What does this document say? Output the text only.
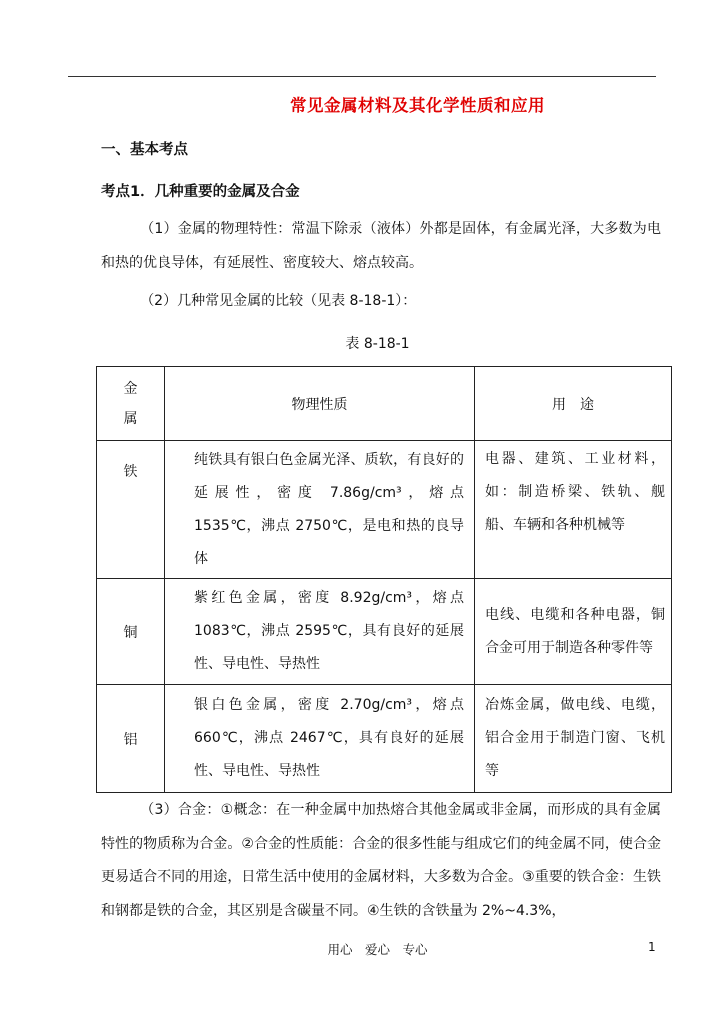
常见金属材料及其化学性质和应用
一、基本考点
考点1．几种重要的金属及合金
（1）金属的物理特性：常温下除汞（液体）外都是固体，有金属光泽，大多数为电和热的优良导体，有延展性、密度较大、熔点较高。
（2）几种常见金属的比较（见表 8-18-1）：
表 8-18-1
金属	物理性质	用　途
铁	纯铁具有银白色金属光泽、质软，有良好的延展性，密度 7.86g/cm³，熔点 1535℃，沸点 2750℃，是电和热的良导体	电器、建筑、工业材料，如：制造桥梁、铁轨、舰船、车辆和各种机械等
铜	紫红色金属，密度 8.92g/cm³，熔点 1083℃，沸点 2595℃，具有良好的延展性、导电性、导热性	电线、电缆和各种电器，铜合金可用于制造各种零件等
铝	银白色金属，密度 2.70g/cm³，熔点 660℃，沸点 2467℃，具有良好的延展性、导电性、导热性	冶炼金属，做电线、电缆，铝合金用于制造门窗、飞机等
（3）合金：①概念：在一种金属中加热熔合其他金属或非金属，而形成的具有金属特性的物质称为合金。②合金的性质能：合金的很多性能与组成它们的纯金属不同，使合金更易适合不同的用途，日常生活中使用的金属材料，大多数为合金。③重要的铁合金：生铁和钢都是铁的合金，其区别是含碳量不同。④生铁的含铁量为 2%~4.3%，
用心　爱心　专心	1
